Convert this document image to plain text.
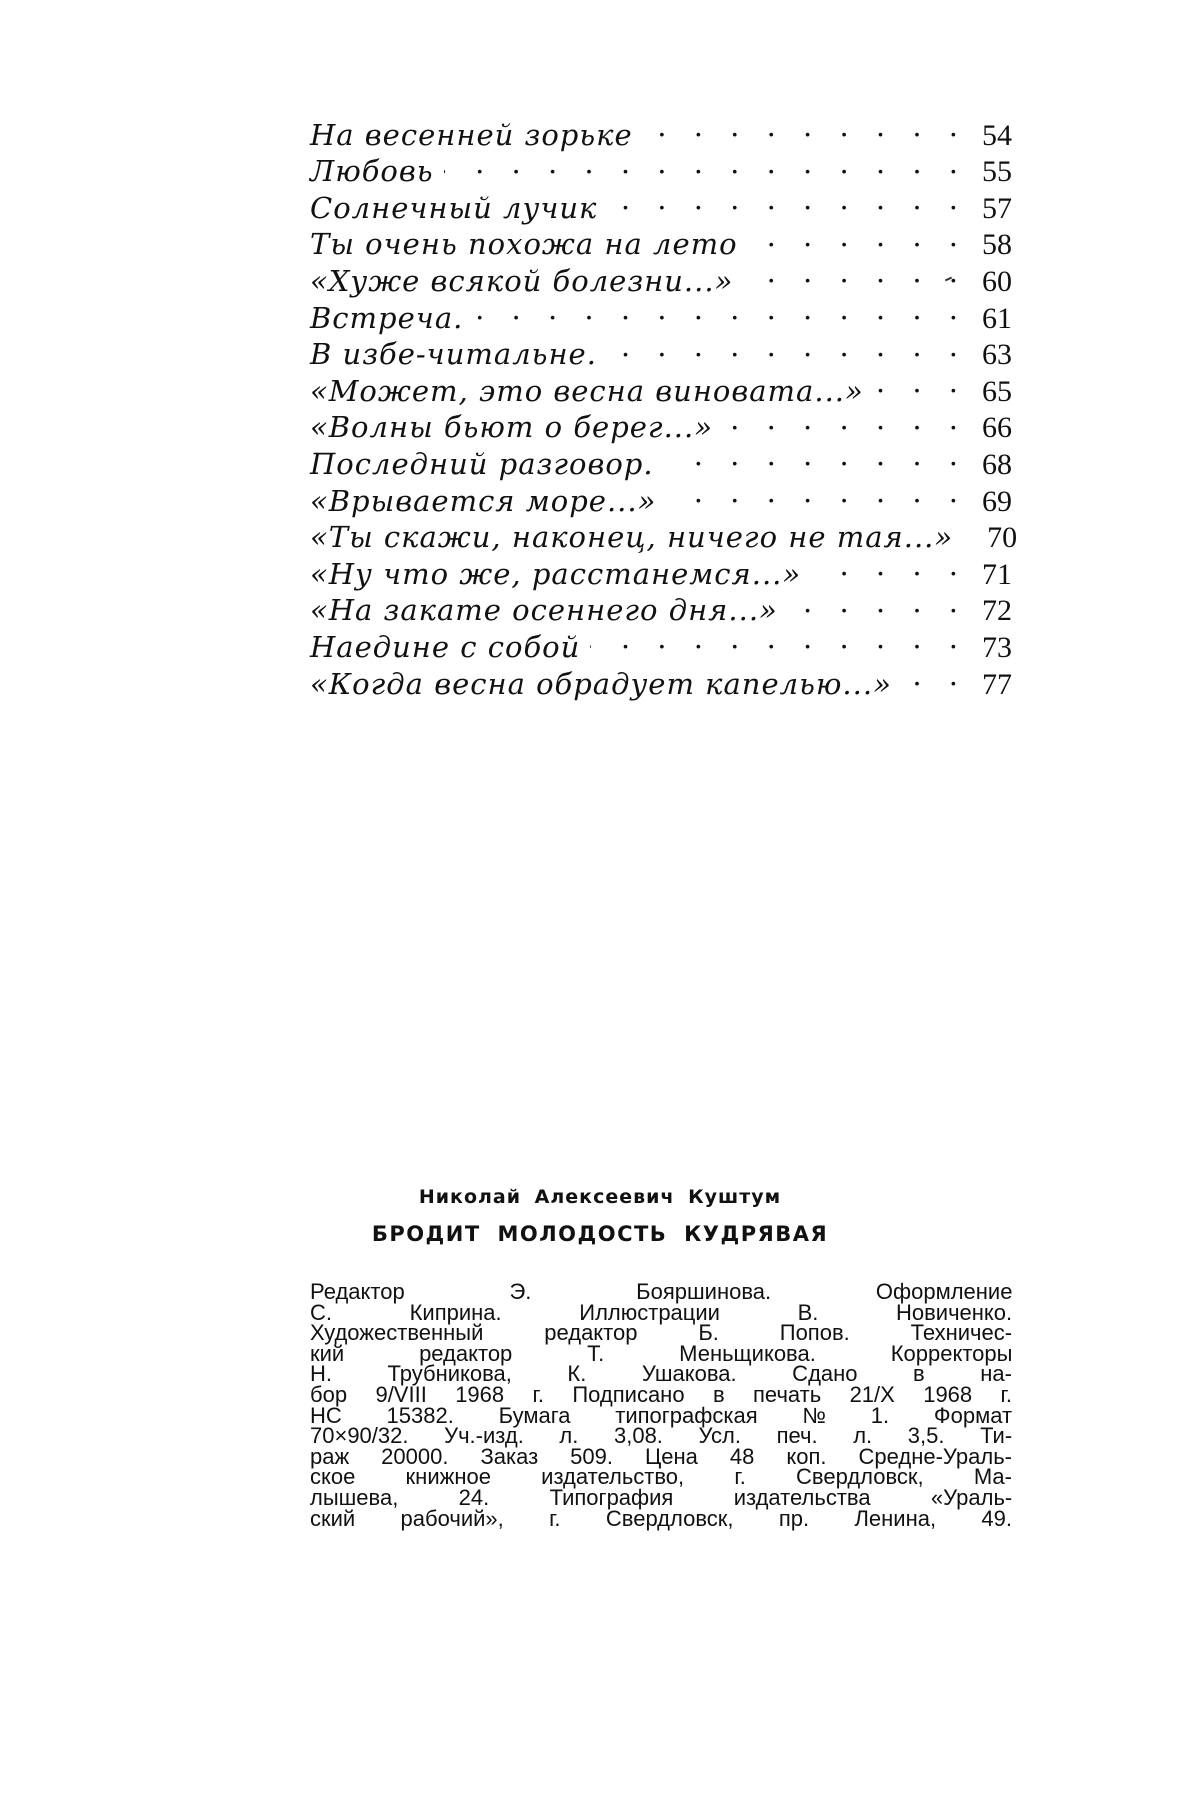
На весенней зорьке . . .	54
Любовь . . .	55
Солнечный лучик . . .	57
Ты очень похожа на лето . . .	58
«Хуже всякой болезни...» . . .	60
Встреча. . . .	61
В избе-читальне. . . .	63
«Может, это весна виновата...» . . .	65
«Волны бьют о берег...» . . .	66
Последний разговор. . . .	68
«Врывается море...» . . .	69
«Ты скажи, наконец, ничего не тая...»	70
«Ну что же, расстанемся...» . . .	71
«На закате осеннего дня...» . . .	72
Наедине с собой . . .	73
«Когда весна обрадует капелью...» . . .	77
Николай Алексеевич Куштум
БРОДИТ МОЛОДОСТЬ КУДРЯВАЯ
Редактор Э. Бояршинова. Оформление
С. Киприна. Иллюстрации В. Новиченко.
Художественный редактор Б. Попов. Техничес-
кий редактор Т. Меньщикова. Корректоры
Н. Трубникова, К. Ушакова. Сдано в на-
бор 9/VIII 1968 г. Подписано в печать 21/X 1968 г.
НС 15382. Бумага типографская № 1. Формат
70×90/32. Уч.-изд. л. 3,08. Усл. печ. л. 3,5. Ти-
раж 20000. Заказ 509. Цена 48 коп. Средне-Ураль-
ское книжное издательство, г. Свердловск, Ма-
лышева, 24. Типография издательства «Ураль-
ский рабочий», г. Свердловск, пр. Ленина, 49.
